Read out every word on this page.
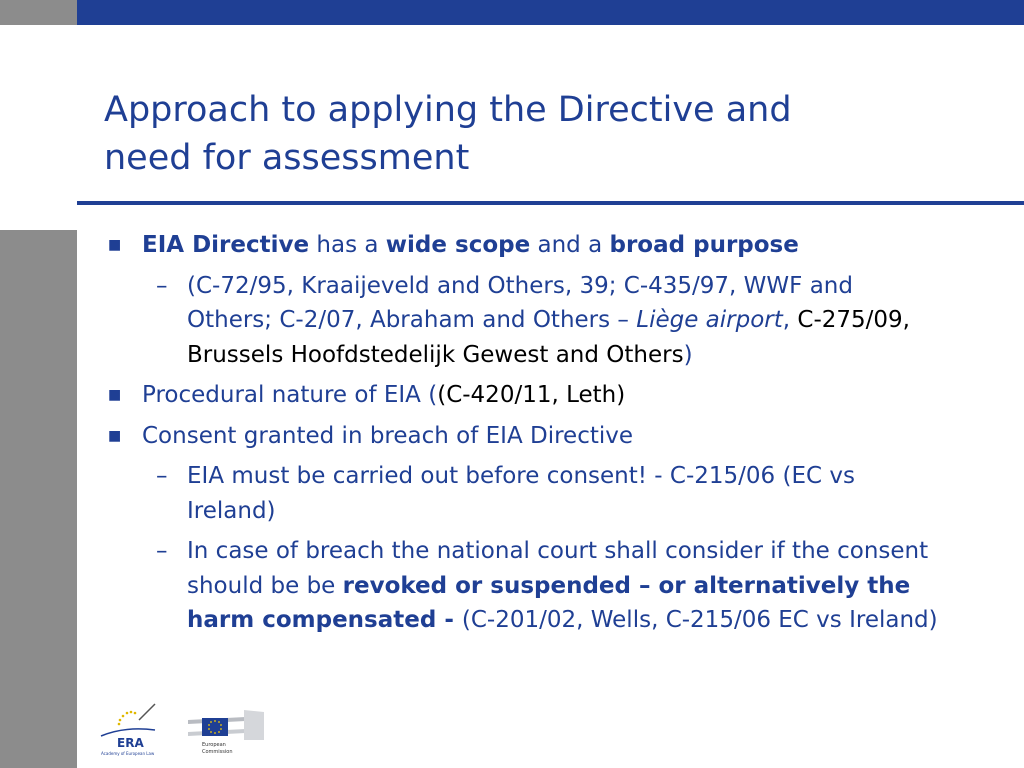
Approach to applying the Directive and
need for assessment
■ EIA Directive has a wide scope and a broad purpose
– (C-72/95, Kraaijeveld and Others, 39; C-435/97, WWF and Others; C-2/07, Abraham and Others – Liège airport, C-275/09, Brussels Hoofdstedelijk Gewest and Others)
■ Procedural nature of EIA ((C-420/11, Leth)
■ Consent granted in breach of EIA Directive
– EIA must be carried out before consent! - C-215/06 (EC vs Ireland)
– In case of breach the national court shall consider if the consent should be be revoked or suspended – or alternatively the harm compensated - (C-201/02, Wells, C-215/06 EC vs Ireland)
ERA
Academy of European Law
European
Commission
